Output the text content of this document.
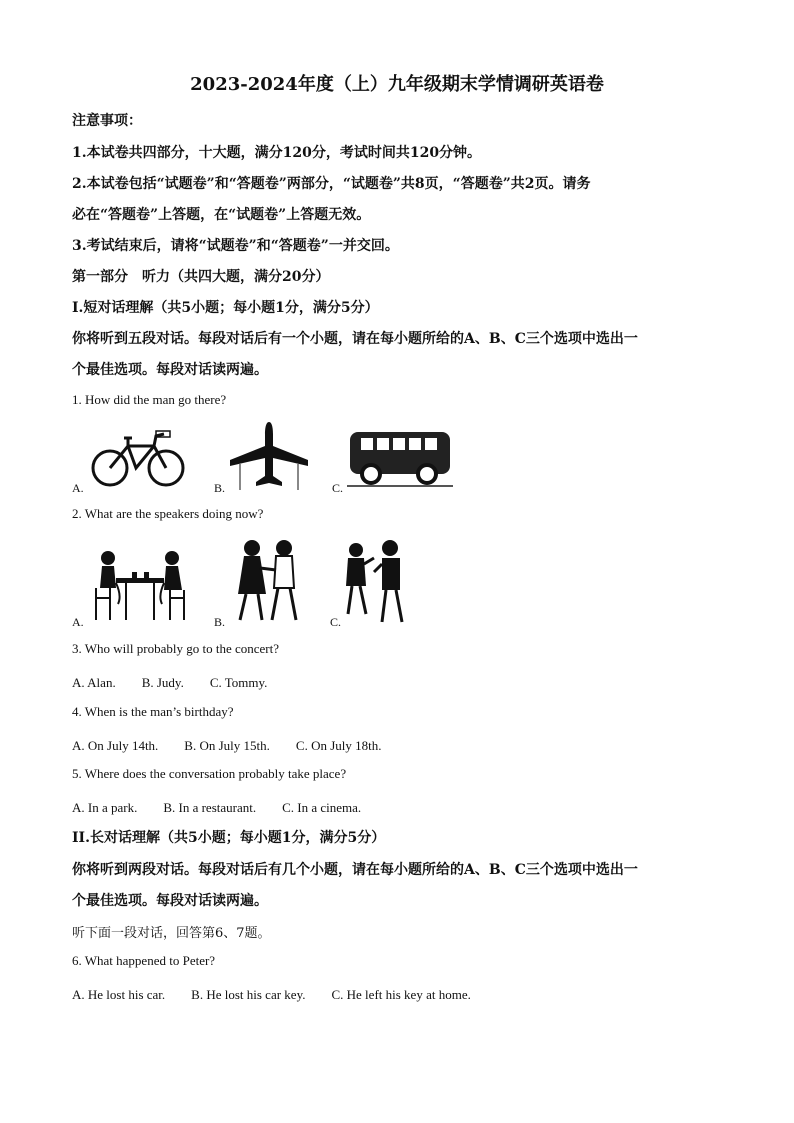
2023-2024年度（上）九年级期末学情调研英语卷
注意事项：
1.本试卷共四部分，十大题，满分120分，考试时间共120分钟。
2.本试卷包括“试题卷”和“答题卷”两部分，“试题卷”共8页，“答题卷”共2页。请务
必在“答题卷”上答题，在“试题卷”上答题无效。
3.考试结束后，请将“试题卷”和“答题卷”一并交回。
第一部分　听力（共四大题，满分20分）
I.短对话理解（共5小题；每小题1分，满分5分）
你将听到五段对话。每段对话后有一个小题，请在每小题所给的A、B、C三个选项中选出一
个最佳选项。每段对话读两遍。
1. How did the man go there?
A.	B.	C.
2. What are the speakers doing now?
A.	B.	C.
3. Who will probably go to the concert?
A. Alan.　　B. Judy.　　C. Tommy.
4. When is the man’s birthday?
A. On July 14th.　　B. On July 15th.　　C. On July 18th.
5. Where does the conversation probably take place?
A. In a park.　　B. In a restaurant.　　C. In a cinema.
II.长对话理解（共5小题；每小题1分，满分5分）
你将听到两段对话。每段对话后有几个小题，请在每小题所给的A、B、C三个选项中选出一
个最佳选项。每段对话读两遍。
听下面一段对话，回答第6、7题。
6. What happened to Peter?
A. He lost his car.　　B. He lost his car key.　　C. He left his key at home.
